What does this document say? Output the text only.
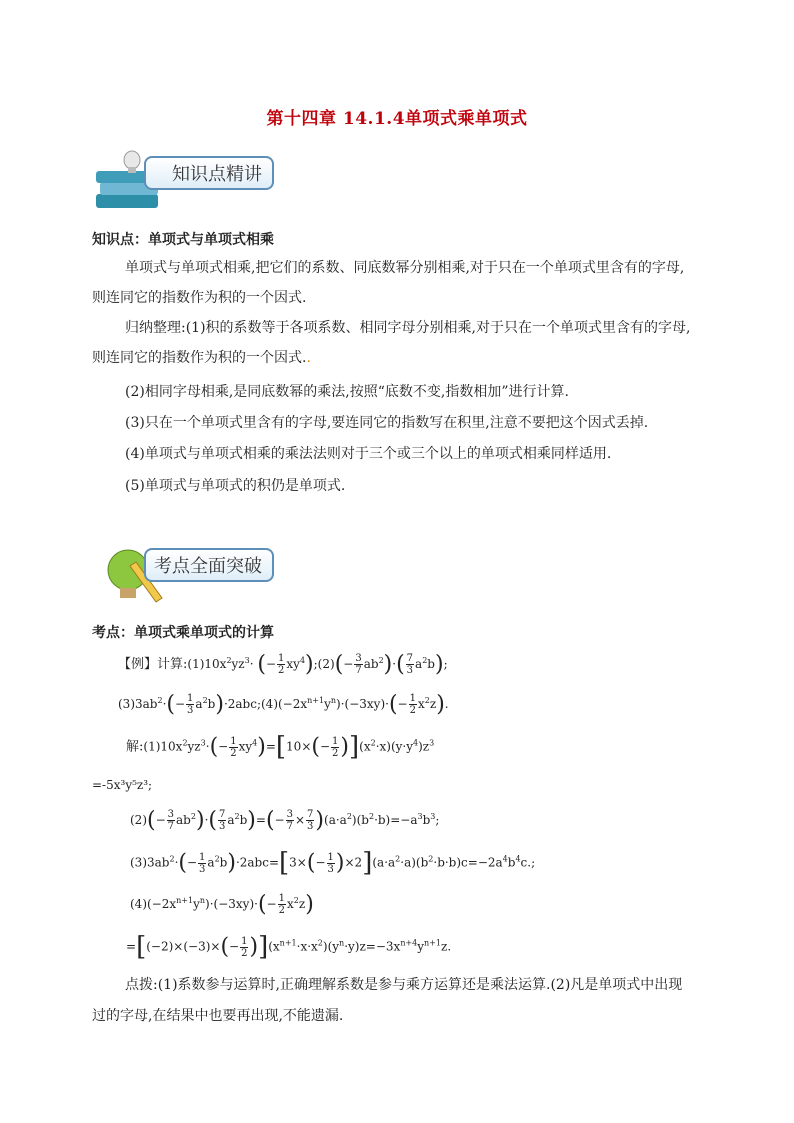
第十四章 14.1.4单项式乘单项式
知识点精讲
知识点：单项式与单项式相乘
单项式与单项式相乘,把它们的系数、同底数幂分别相乘,对于只在一个单项式里含有的字母,
则连同它的指数作为积的一个因式.
归纳整理:(1)积的系数等于各项系数、相同字母分别相乘,对于只在一个单项式里含有的字母,
则连同它的指数作为积的一个因式..
(2)相同字母相乘,是同底数幂的乘法,按照“底数不变,指数相加”进行计算.
(3)只在一个单项式里含有的字母,要连同它的指数写在积里,注意不要把这个因式丢掉.
(4)单项式与单项式相乘的乘法法则对于三个或三个以上的单项式相乘同样适用.
(5)单项式与单项式的积仍是单项式.
考点全面突破
考点：单项式乘单项式的计算
【例】计算$:(1)10x^2yz^3\cdot$ (− $\frac{1}{2}$ $xy^4);(2)(- \frac{3}{7} ab^2)\cdot( \frac{7}{3} a^2b)$;
$(3)3ab^2\cdot(- \frac{1}{3}$ $a^2b)\cdot 2abc;(4)(-2x^{n+1}y^n)\cdot(-3xy)\cdot(- \frac{1}{2} x^2z)$.
解$:(1)10x^2yz^3\cdot(- \frac{1}{2} xy^4)=[10\times(- \frac{1}{2} )](x^2\cdot x)(y\cdot y^4)z^3$
=-5x³y⁵z³;
$(2)(- \frac{3}{7} ab^2)\cdot( \frac{7}{3} a^2b)=(- \frac{3}{7} \times \frac{7}{3} )(a\cdot a^2)(b^2\cdot b)=-a^3b^3$;
$(3)3ab^2\cdot(- \frac{1}{3} a^2b)\cdot 2abc=[3\times(- \frac{1}{3} )\times 2](a\cdot a^2\cdot a)(b^2\cdot b\cdot b)c=-2a^4b^4c$.;
$(4)(-2x^{n+1}y^n)\cdot(-3xy)\cdot(- \frac{1}{2} x^2z)$
$=[(-2)\times(-3)\times(- \frac{1}{2} )](x^{n+1}\cdot x\cdot x^2)(y^n\cdot y)z=-3x^{n+4}y^{n+1}z$.
点拨:(1)系数参与运算时,正确理解系数是参与乘方运算还是乘法运算.(2)凡是单项式中出现
过的字母,在结果中也要再出现,不能遗漏.
